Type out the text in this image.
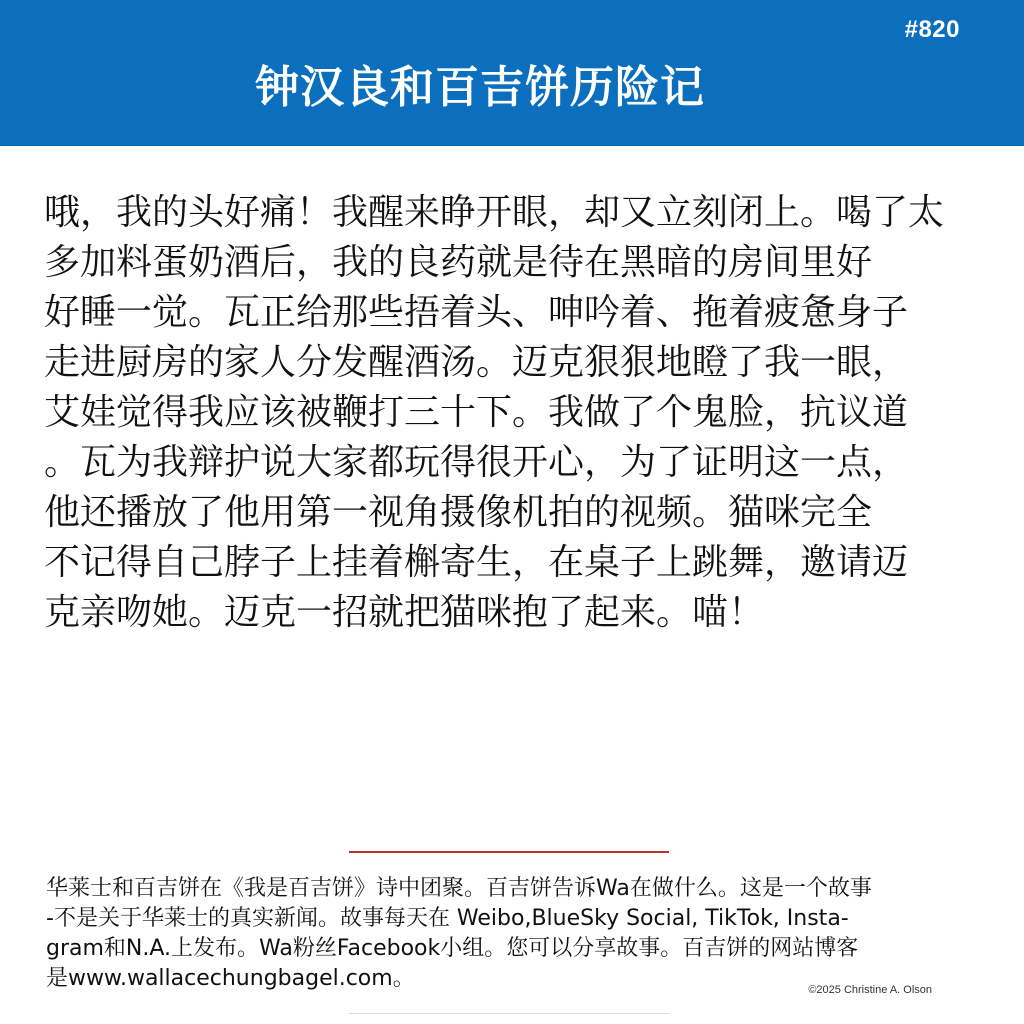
#820
钟汉良和百吉饼历险记
哦，我的头好痛！我醒来睁开眼，却又立刻闭上。喝了太
多加料蛋奶酒后，我的良药就是待在黑暗的房间里好
好睡一觉。瓦正给那些捂着头、呻吟着、拖着疲惫身子
走进厨房的家人分发醒酒汤。迈克狠狠地瞪了我一眼，
艾娃觉得我应该被鞭打三十下。我做了个鬼脸，抗议道
。瓦为我辩护说大家都玩得很开心，为了证明这一点，
他还播放了他用第一视角摄像机拍的视频。猫咪完全
不记得自己脖子上挂着槲寄生，在桌子上跳舞，邀请迈
克亲吻她。迈克一招就把猫咪抱了起来。喵！
华莱士和百吉饼在《我是百吉饼》诗中团聚。百吉饼告诉Wa在做什么。这是一个故事
-不是关于华莱士的真实新闻。故事每天在 Weibo,BlueSky Social, TikTok, Insta-
gram和N.A.上发布。Wa粉丝Facebook小组。您可以分享故事。百吉饼的网站博客
是www.wallacechungbagel.com。	©2025 Christine A. Olson
